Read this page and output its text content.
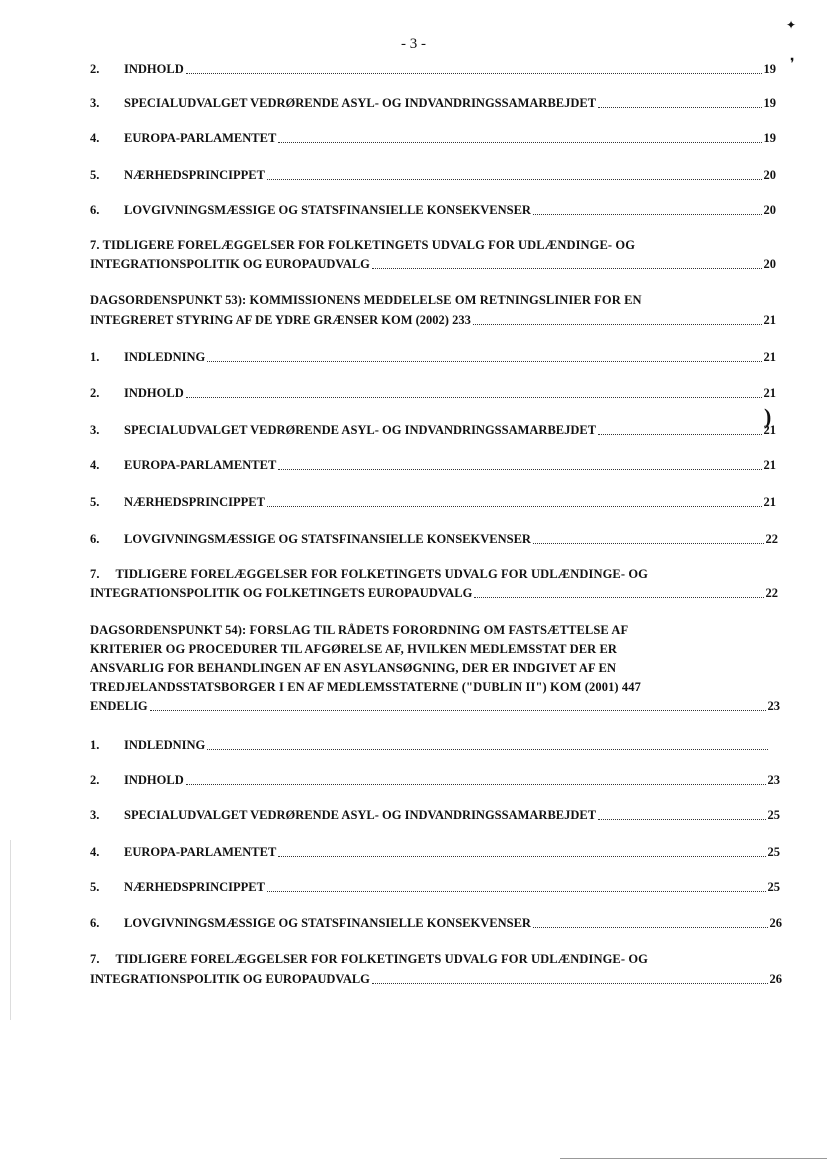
- 3 -
2.	INDHOLD	19
3.	SPECIALUDVALGET VEDRØRENDE ASYL- OG INDVANDRINGSSAMARBEJDET	19
4.	EUROPA-PARLAMENTET	19
5.	NÆRHEDSPRINCIPPET	20
6.	LOVGIVNINGSMÆSSIGE OG STATSFINANSIELLE KONSEKVENSER	20
7. TIDLIGERE FORELÆGGELSER FOR FOLKETINGETS UDVALG FOR UDLÆNDINGE- OG
INTEGRATIONSPOLITIK OG EUROPAUDVALG	20
DAGSORDENSPUNKT 53): KOMMISSIONENS MEDDELELSE OM RETNINGSLINIER FOR EN
INTEGRERET STYRING AF DE YDRE GRÆNSER KOM (2002) 233	21
1.	INDLEDNING	21
2.	INDHOLD	21
3.	SPECIALUDVALGET VEDRØRENDE ASYL- OG INDVANDRINGSSAMARBEJDET	21
4.	EUROPA-PARLAMENTET	21
5.	NÆRHEDSPRINCIPPET	21
6.	LOVGIVNINGSMÆSSIGE OG STATSFINANSIELLE KONSEKVENSER	22
7.     TIDLIGERE FORELÆGGELSER FOR FOLKETINGETS UDVALG FOR UDLÆNDINGE- OG
INTEGRATIONSPOLITIK OG FOLKETINGETS EUROPAUDVALG	22
DAGSORDENSPUNKT 54): FORSLAG TIL RÅDETS FORORDNING OM FASTSÆTTELSE AF
KRITERIER OG PROCEDURER TIL AFGØRELSE AF, HVILKEN MEDLEMSSTAT DER ER
ANSVARLIG FOR BEHANDLINGEN AF EN ASYLANSØGNING, DER ER INDGIVET AF EN
TREDJELANDSSTATSBORGER I EN AF MEDLEMSSTATERNE ("DUBLIN II") KOM (2001) 447
ENDELIG	23
1.	INDLEDNING
2.	INDHOLD	23
3.	SPECIALUDVALGET VEDRØRENDE ASYL- OG INDVANDRINGSSAMARBEJDET	25
4.	EUROPA-PARLAMENTET	25
5.	NÆRHEDSPRINCIPPET	25
6.	LOVGIVNINGSMÆSSIGE OG STATSFINANSIELLE KONSEKVENSER	26
7.     TIDLIGERE FORELÆGGELSER FOR FOLKETINGETS UDVALG FOR UDLÆNDINGE- OG
INTEGRATIONSPOLITIK OG EUROPAUDVALG	26
✦
❜
)
